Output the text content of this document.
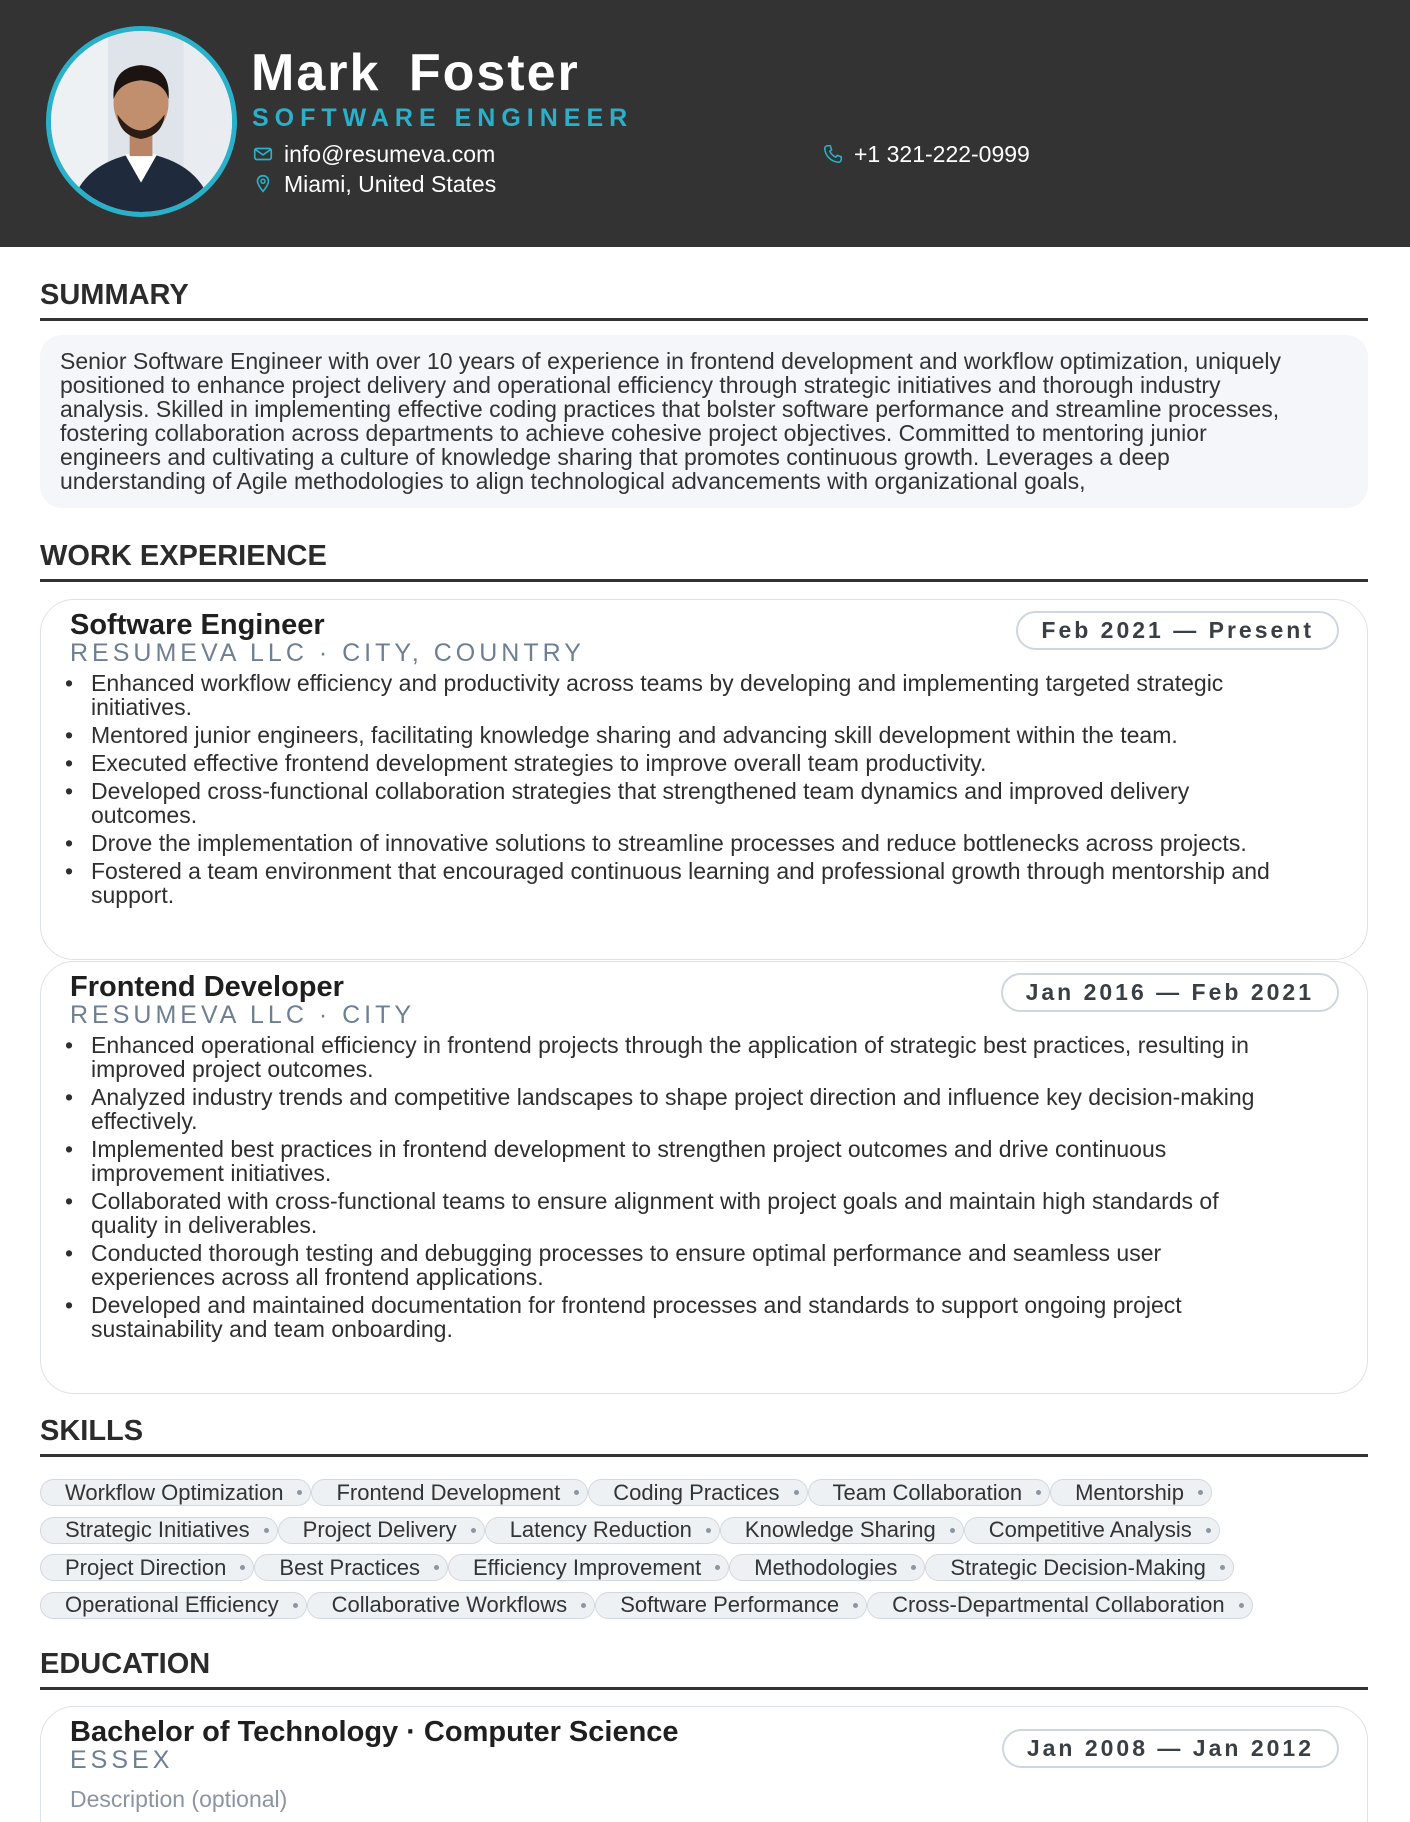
Mark Foster
SOFTWARE ENGINEER
info@resumeva.com
Miami, United States
+1 321-222-0999
SUMMARY
Senior Software Engineer with over 10 years of experience in frontend development and workflow optimization, uniquely
positioned to enhance project delivery and operational efficiency through strategic initiatives and thorough industry
analysis. Skilled in implementing effective coding practices that bolster software performance and streamline processes,
fostering collaboration across departments to achieve cohesive project objectives. Committed to mentoring junior
engineers and cultivating a culture of knowledge sharing that promotes continuous growth. Leverages a deep
understanding of Agile methodologies to align technological advancements with organizational goals,
WORK EXPERIENCE
Software Engineer
RESUMEVA LLC · CITY, COUNTRY
Feb 2021 — Present
• Enhanced workflow efficiency and productivity across teams by developing and implementing targeted strategic
initiatives.
• Mentored junior engineers, facilitating knowledge sharing and advancing skill development within the team.
• Executed effective frontend development strategies to improve overall team productivity.
• Developed cross-functional collaboration strategies that strengthened team dynamics and improved delivery
outcomes.
• Drove the implementation of innovative solutions to streamline processes and reduce bottlenecks across projects.
• Fostered a team environment that encouraged continuous learning and professional growth through mentorship and
support.
Frontend Developer
RESUMEVA LLC · CITY
Jan 2016 — Feb 2021
• Enhanced operational efficiency in frontend projects through the application of strategic best practices, resulting in
improved project outcomes.
• Analyzed industry trends and competitive landscapes to shape project direction and influence key decision-making
effectively.
• Implemented best practices in frontend development to strengthen project outcomes and drive continuous
improvement initiatives.
• Collaborated with cross-functional teams to ensure alignment with project goals and maintain high standards of
quality in deliverables.
• Conducted thorough testing and debugging processes to ensure optimal performance and seamless user
experiences across all frontend applications.
• Developed and maintained documentation for frontend processes and standards to support ongoing project
sustainability and team onboarding.
SKILLS
Workflow Optimization Frontend Development Coding Practices Team Collaboration Mentorship
Strategic Initiatives Project Delivery Latency Reduction Knowledge Sharing Competitive Analysis
Project Direction Best Practices Efficiency Improvement Methodologies Strategic Decision-Making
Operational Efficiency Collaborative Workflows Software Performance Cross-Departmental Collaboration
EDUCATION
Bachelor of Technology · Computer Science
ESSEX	Jan 2008 — Jan 2012
Description (optional)
